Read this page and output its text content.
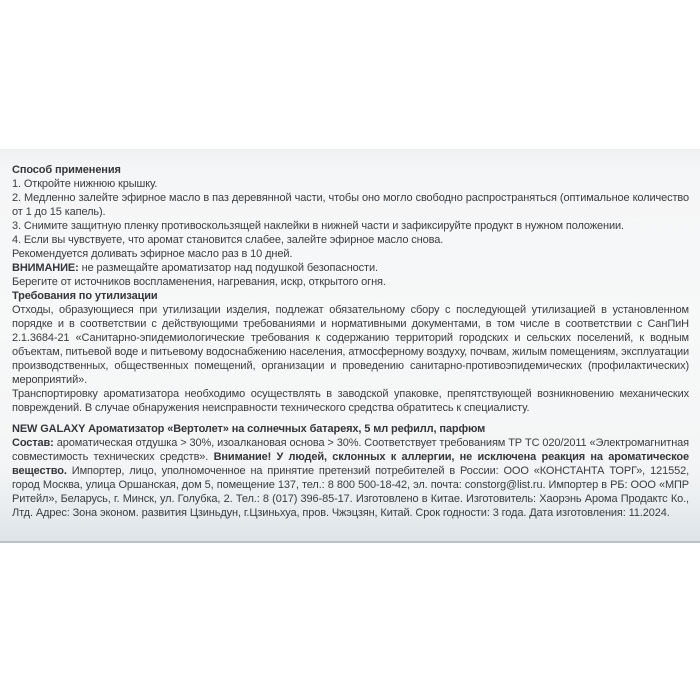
Способ применения
1. Откройте нижнюю крышку.
2. Медленно залейте эфирное масло в паз деревянной части, чтобы оно могло свободно распространяться (оптимальное количество от 1 до 15 капель).
3. Снимите защитную пленку противоскользящей наклейки в нижней части и зафиксируйте продукт в нужном положении.
4. Если вы чувствуете, что аромат становится слабее, залейте эфирное масло снова.
Рекомендуется доливать эфирное масло раз в 10 дней.
ВНИМАНИЕ: не размещайте ароматизатор над подушкой безопасности.
Берегите от источников воспламенения, нагревания, искр, открытого огня.
Требования по утилизации
Отходы, образующиеся при утилизации изделия, подлежат обязательному сбору с последующей утилизацией в установленном порядке и в соответствии с действующими требованиями и нормативными документами, в том числе в соответствии с СанПиН 2.1.3684-21 «Санитарно-эпидемиологические требования к содержанию территорий городских и сельских поселений, к водным объектам, питьевой воде и питьевому водоснабжению населения, атмосферному воздуху, почвам, жилым помещениям, эксплуатации производственных, общественных помещений, организации и проведению санитарно-противоэпидемических (профилактических) мероприятий».
Транспортировку ароматизатора необходимо осуществлять в заводской упаковке, препятствующей возникновению механических повреждений. В случае обнаружения неисправности технического средства обратитесь к специалисту.
NEW GALAXY Ароматизатор «Вертолет» на солнечных батареях, 5 мл рефилл, парфюм
Состав: ароматическая отдушка > 30%, изоалкановая основа > 30%. Соответствует требованиям ТР ТС 020/2011 «Электромагнитная совместимость технических средств». Внимание! У людей, склонных к аллергии, не исключена реакция на ароматическое вещество. Импортер, лицо, уполномоченное на принятие претензий потребителей в России: ООО «КОНСТАНТА ТОРГ», 121552, город Москва, улица Оршанская, дом 5, помещение 137, тел.: 8 800 500-18-42, эл. почта: constorg@list.ru. Импортер в РБ: ООО «МПР Ритейл», Беларусь, г. Минск, ул. Голубка, 2. Тел.: 8 (017) 396-85-17. Изготовлено в Китае. Изготовитель: Хаорэнь Арома Продактс Ко., Лтд. Адрес: Зона эконом. развития Цзиньдун, г.Цзиньхуа, пров. Чжэцзян, Китай. Срок годности: 3 года. Дата изготовления: 11.2024.
